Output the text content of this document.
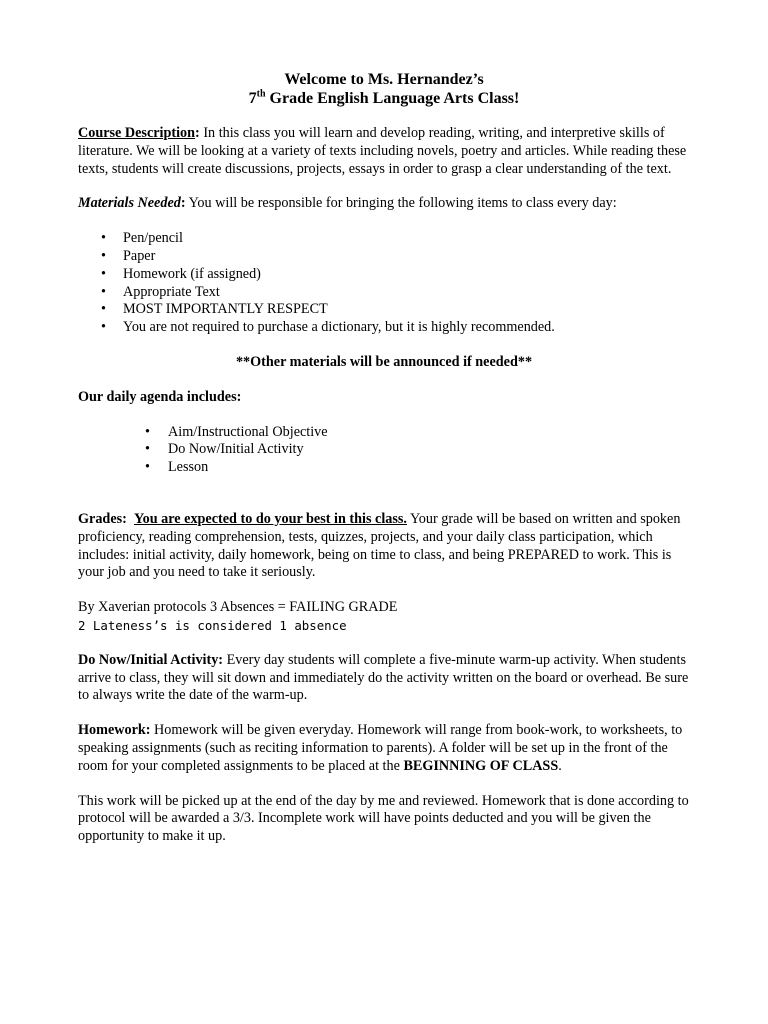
Welcome to Ms. Hernandez’s
7th Grade English Language Arts Class!

Course Description: In this class you will learn and develop reading, writing, and interpretive skills of literature. We will be looking at a variety of texts including novels, poetry and articles. While reading these texts, students will create discussions, projects, essays in order to grasp a clear understanding of the text.

Materials Needed: You will be responsible for bringing the following items to class every day:

• Pen/pencil
• Paper
• Homework (if assigned)
• Appropriate Text
• MOST IMPORTANTLY RESPECT
• You are not required to purchase a dictionary, but it is highly recommended.

**Other materials will be announced if needed**

Our daily agenda includes:

• Aim/Instructional Objective
• Do Now/Initial Activity
• Lesson

Grades: You are expected to do your best in this class. Your grade will be based on written and spoken proficiency, reading comprehension, tests, quizzes, projects, and your daily class participation, which includes: initial activity, daily homework, being on time to class, and being PREPARED to work. This is your job and you need to take it seriously.

By Xaverian protocols 3 Absences = FAILING GRADE

2 Lateness’s is considered 1 absence

Do Now/Initial Activity: Every day students will complete a five-minute warm-up activity. When students arrive to class, they will sit down and immediately do the activity written on the board or overhead. Be sure to always write the date of the warm-up.

Homework: Homework will be given everyday. Homework will range from book-work, to worksheets, to speaking assignments (such as reciting information to parents). A folder will be set up in the front of the room for your completed assignments to be placed at the BEGINNING OF CLASS.

This work will be picked up at the end of the day by me and reviewed. Homework that is done according to protocol will be awarded a 3/3. Incomplete work will have points deducted and you will be given the opportunity to make it up.
